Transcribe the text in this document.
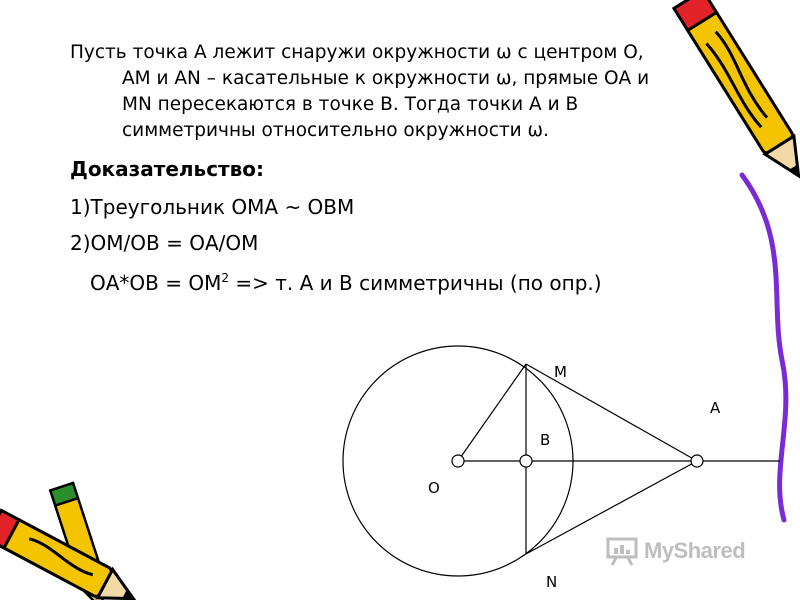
Пусть точка А лежит снаружи окружности ω с центром О,
АМ и АN – касательные к окружности ω, прямые ОА и
MN пересекаются в точке В. Тогда точки А и В
симметричны относительно окружности ω.
Доказательство:
1)Треугольник ОМА ~ ОВМ
2)ОМ/ОВ = ОА/ОМ
$ОА*ОВ = ОМ^2 => т$. А и В симметричны (по опр.)
M
A
B
O
N
MyShared
